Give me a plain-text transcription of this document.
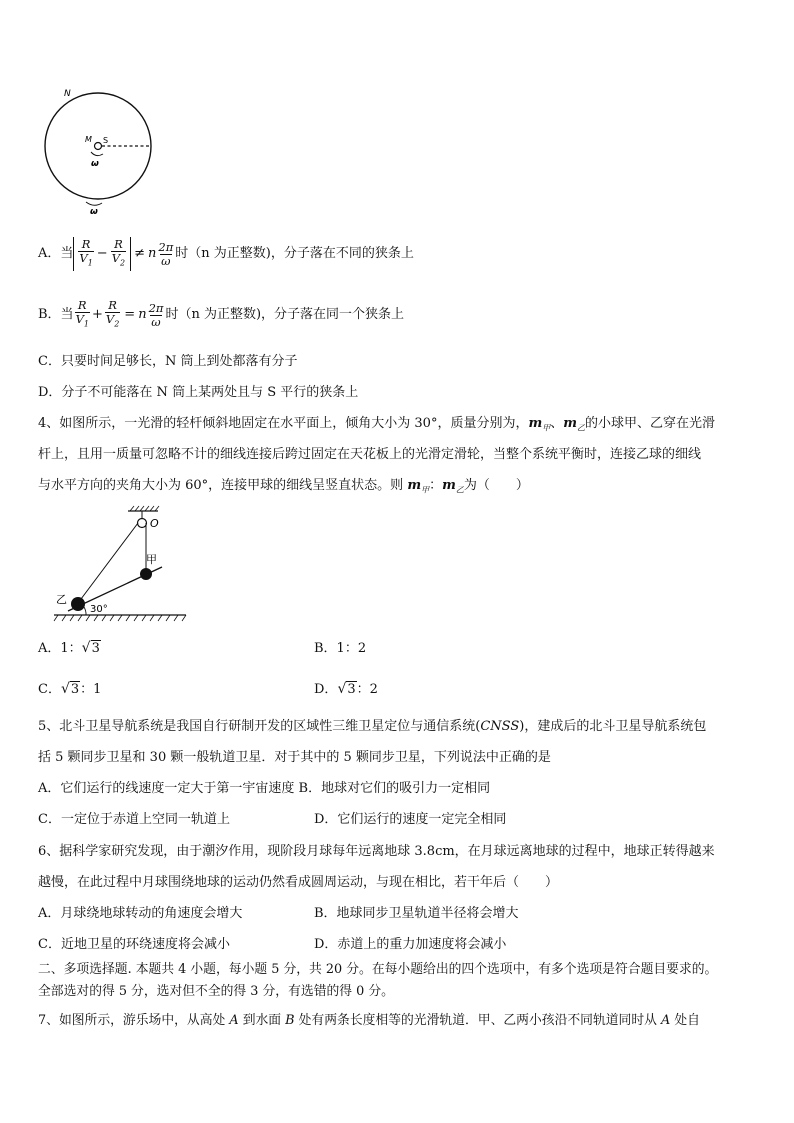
N
M S
ω
ω
A．当 $\frac{R}{V_1} - \frac{R}{V_2} \ne n \frac{2\pi}{\omega}$ 时（n 为正整数)，分子落在不同的狭条上
B．当 $\frac{R}{V_1} + \frac{R}{V_2} = n \frac{2\pi}{\omega}$ 时（n 为正整数)，分子落在同一个狭条上
C．只要时间足够长，N 筒上到处都落有分子
D．分子不可能落在 N 筒上某两处且与 S 平行的狭条上
4、如图所示，一光滑的轻杆倾斜地固定在水平面上，倾角大小为 30°，质量分别为，$m_甲$、$m_乙$的小球甲、乙穿在光滑
杆上，且用一质量可忽略不计的细线连接后跨过固定在天花板上的光滑定滑轮，当整个系统平衡时，连接乙球的细线
与水平方向的夹角大小为 60°，连接甲球的细线呈竖直状态。则 $m_甲$：$m_乙$为（　　）
O
甲
乙
30°
A．1：√3	B．1：2
C．√3：1	D．√3：2
5、北斗卫星导航系统是我国自行研制开发的区域性三维卫星定位与通信系统(CNSS)，建成后的北斗卫星导航系统包
括 5 颗同步卫星和 30 颗一般轨道卫星．对于其中的 5 颗同步卫星，下列说法中正确的是
A．它们运行的线速度一定大于第一宇宙速度 B．地球对它们的吸引力一定相同
C．一定位于赤道上空同一轨道上	D．它们运行的速度一定完全相同
6、据科学家研究发现，由于潮汐作用，现阶段月球每年远离地球 3.8cm，在月球远离地球的过程中，地球正转得越来
越慢，在此过程中月球围绕地球的运动仍然看成圆周运动，与现在相比，若干年后（　　）
A．月球绕地球转动的角速度会增大	B．地球同步卫星轨道半径将会增大
C．近地卫星的环绕速度将会减小	D．赤道上的重力加速度将会减小
二、多项选择题. 本题共 4 小题，每小题 5 分，共 20 分。在每小题给出的四个选项中，有多个选项是符合题目要求的。
全部选对的得 5 分，选对但不全的得 3 分，有选错的得 0 分。
7、如图所示，游乐场中，从高处 A 到水面 B 处有两条长度相等的光滑轨道．甲、乙两小孩沿不同轨道同时从 A 处自
